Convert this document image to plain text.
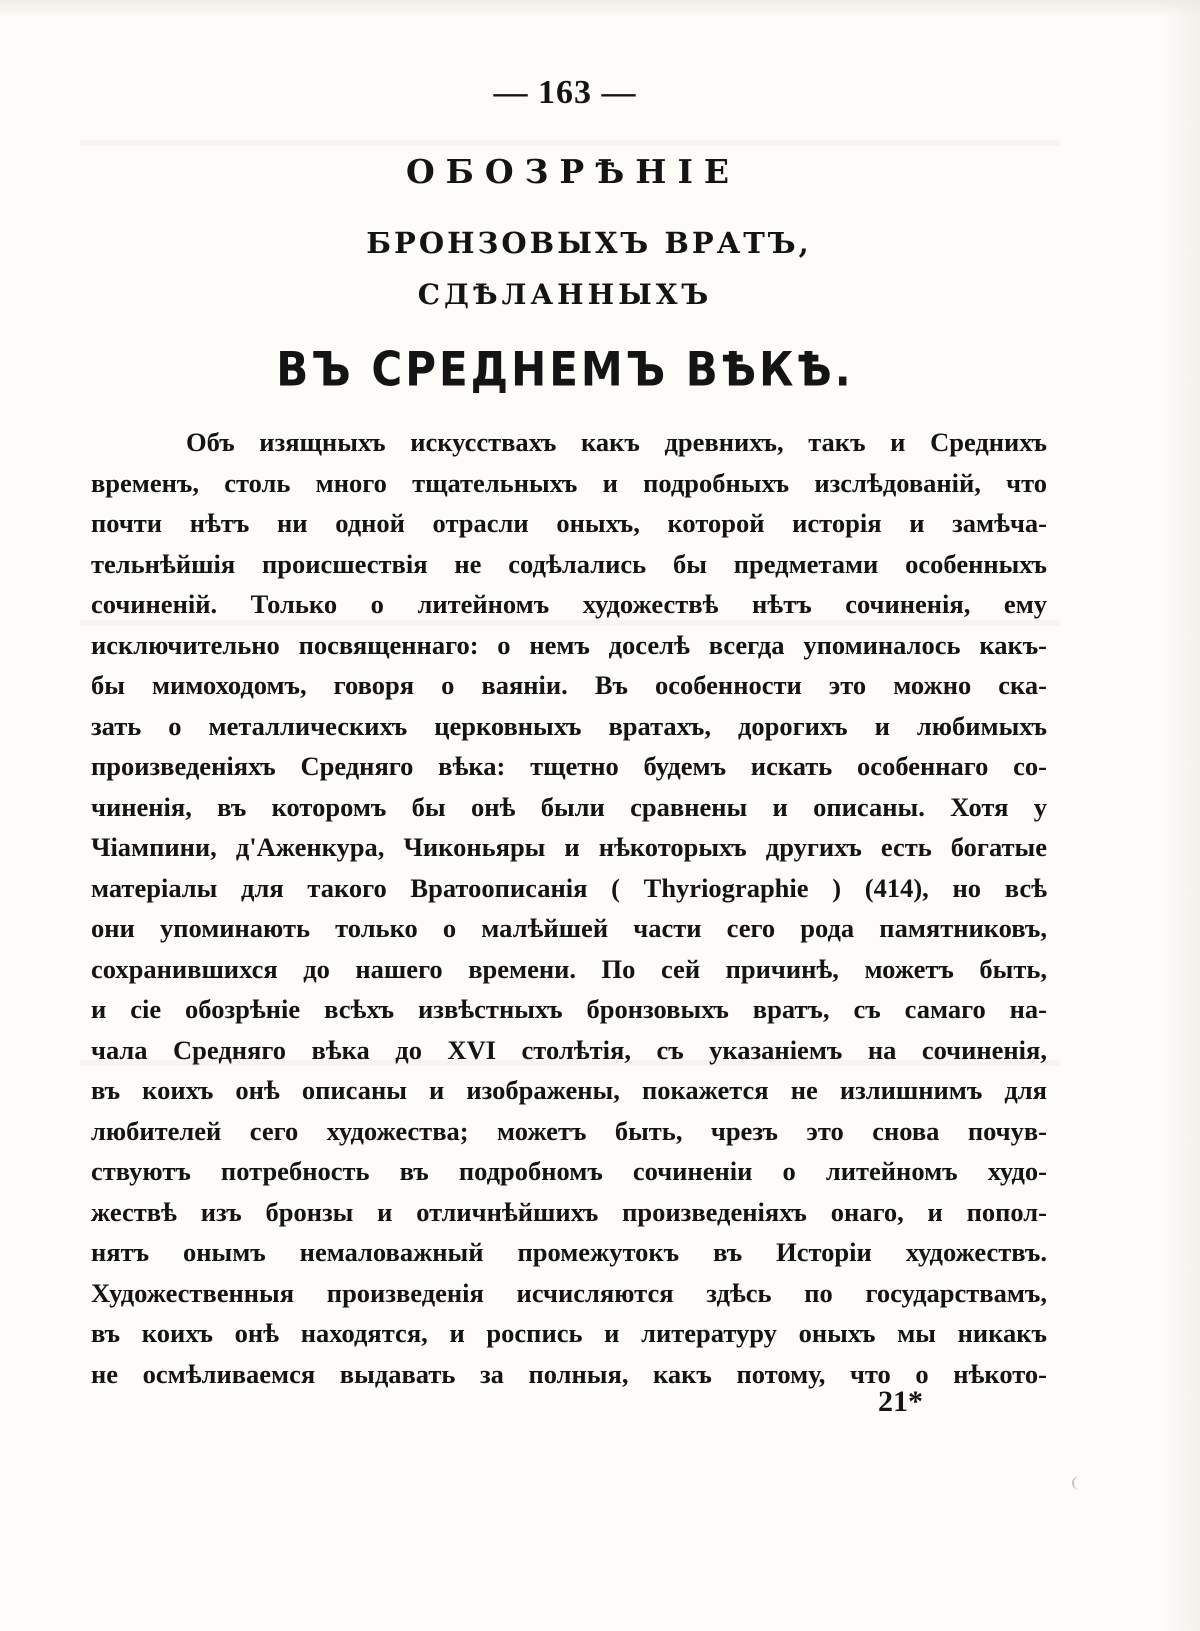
— 163 —
ОБОЗРѢНІЕ
БРОНЗОВЫХЪ ВРАТЪ,
СДѢЛАННЫХЪ
ВЪ СРЕДНЕМЪ ВѢКѢ.
Объ изящныхъ искусствахъ какъ древнихъ, такъ и Среднихъ
временъ, столь много тщательныхъ и подробныхъ изслѣдованій, что
почти нѣтъ ни одной отрасли оныхъ, которой исторія и замѣча-
тельнѣйшія происшествія не содѣлались бы предметами особенныхъ
сочиненій. Только о литейномъ художествѣ нѣтъ сочиненія, ему
исключительно посвященнаго: о немъ доселѣ всегда упоминалось какъ-
бы мимоходомъ, говоря о ваяніи. Въ особенности это можно ска-
зать о металлическихъ церковныхъ вратахъ, дорогихъ и любимыхъ
произведеніяхъ Средняго вѣка: тщетно будемъ искать особеннаго со-
чиненія, въ которомъ бы онѣ были сравнены и описаны. Хотя у
Чіампини, д'Аженкура, Чиконьяры и нѣкоторыхъ другихъ есть богатые
матеріалы для такого Вратоописанія ( Thyriographie ) (414), но всѣ
они упоминають только о малѣйшей части сего рода памятниковъ,
сохранившихся до нашего времени. По сей причинѣ, можетъ быть,
и сіе обозрѣніе всѣхъ извѣстныхъ бронзовыхъ вратъ, съ самаго на-
чала Средняго вѣка до XVI столѣтія, съ указаніемъ на сочиненія,
въ коихъ онѣ описаны и изображены, покажется не излишнимъ для
любителей сего художества; можетъ быть, чрезъ это снова почув-
ствуютъ потребность въ подробномъ сочиненіи о литейномъ худо-
жествѣ изъ бронзы и отличнѣйшихъ произведеніяхъ онаго, и попол-
нятъ онымъ немаловажный промежутокъ въ Исторіи художествъ.
Художественныя произведенія исчисляются здѣсь по государствамъ,
въ коихъ онѣ находятся, и роспись и литературу оныхъ мы никакъ
не осмѣливаемся выдавать за полныя, какъ потому, что о нѣкото-
21*
